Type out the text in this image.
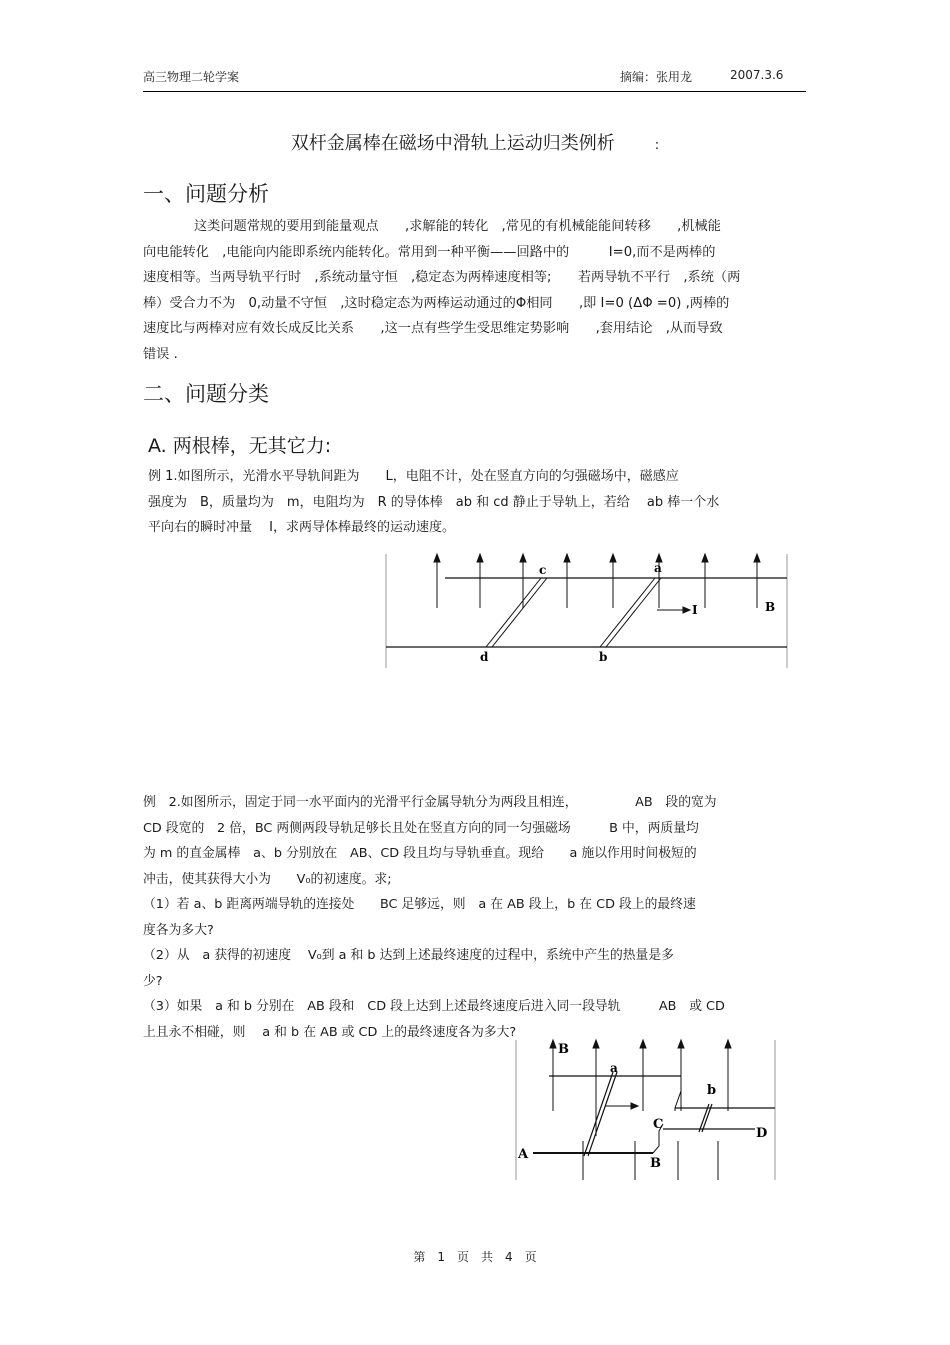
高三物理二轮学案	摘编：张用龙	2007.3.6
双杆金属棒在磁场中滑轨上运动归类例析	:
一、问题分析
这类问题常规的要用到能量观点　　,求解能的转化　,常见的有机械能能间转移　　,机械能
向电能转化　,电能向内能即系统内能转化。常用到一种平衡——回路中的　　　I=0,而不是两棒的
速度相等。当两导轨平行时　,系统动量守恒　,稳定态为两棒速度相等;　　若两导轨不平行　,系统（两
棒）受合力不为　0,动量不守恒　,这时稳定态为两棒运动通过的Φ相同　　,即 I=0 (ΔΦ =0) ,两棒的
速度比与两棒对应有效长成反比关系　　,这一点有些学生受思维定势影响　　,套用结论　,从而导致
错误 .
二、问题分类
A. 两根棒，无其它力:
例 1.如图所示，光滑水平导轨间距为　　L，电阻不计，处在竖直方向的匀强磁场中，磁感应
强度为　B，质量均为　m，电阻均为　R 的导体棒　ab 和 cd 静止于导轨上，若给　 ab 棒一个水
平向右的瞬时冲量　 I，求两导体棒最终的运动速度。
c	a
d	b
I	B
例　2.如图所示，固定于同一水平面内的光滑平行金属导轨分为两段且相连，　　　　　AB　段的宽为
CD 段宽的　2 倍，BC 两侧两段导轨足够长且处在竖直方向的同一匀强磁场　　　B 中，两质量均
为 m 的直金属棒　a、b 分别放在　AB、CD 段且均与导轨垂直。现给　　a 施以作用时间极短的
冲击，使其获得大小为　　V₀的初速度。求;
（1）若 a、b 距离两端导轨的连接处　　BC 足够远，则　a 在 AB 段上，b 在 CD 段上的最终速
度各为多大?
（2）从　a 获得的初速度　 V₀到 a 和 b 达到上述最终速度的过程中，系统中产生的热量是多
少?
（3）如果　a 和 b 分别在　AB 段和　CD 段上达到上述最终速度后进入同一段导轨　　　AB　或 CD
上且永不相碰，则　 a 和 b 在 AB 或 CD 上的最终速度各为多大?
B
a
b
C
D
A
B
第　1　页　共　4　页
